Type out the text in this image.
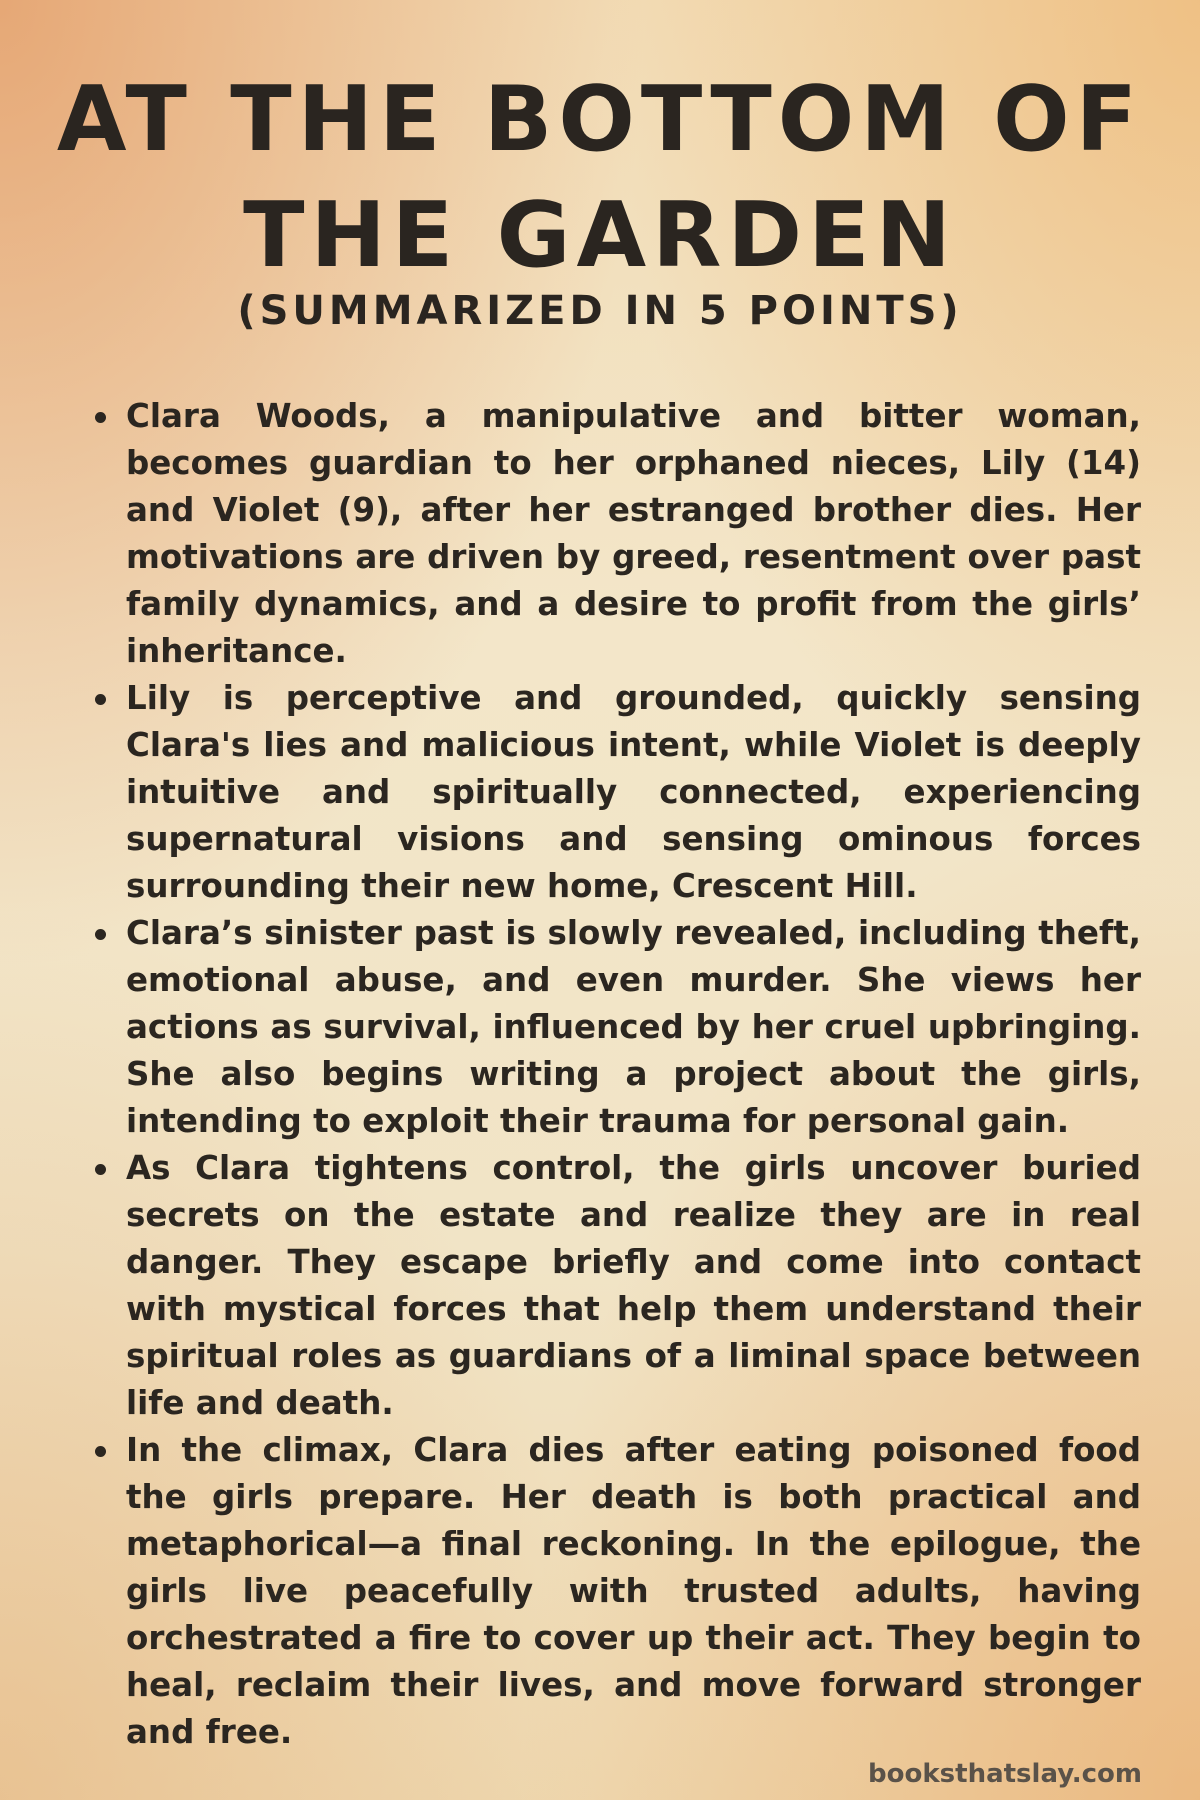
AT THE BOTTOM OF
THE GARDEN
(SUMMARIZED IN 5 POINTS)
Clara Woods, a manipulative and bitter woman, becomes guardian to her orphaned nieces, Lily (14) and Violet (9), after her estranged brother dies. Her motivations are driven by greed, resentment over past family dynamics, and a desire to profit from the girls’ inheritance.
Lily is perceptive and grounded, quickly sensing Clara's lies and malicious intent, while Violet is deeply intuitive and spiritually connected, experiencing supernatural visions and sensing ominous forces surrounding their new home, Crescent Hill.
Clara’s sinister past is slowly revealed, including theft, emotional abuse, and even murder. She views her actions as survival, influenced by her cruel upbringing. She also begins writing a project about the girls, intending to exploit their trauma for personal gain.
As Clara tightens control, the girls uncover buried secrets on the estate and realize they are in real danger. They escape briefly and come into contact with mystical forces that help them understand their spiritual roles as guardians of a liminal space between life and death.
In the climax, Clara dies after eating poisoned food the girls prepare. Her death is both practical and metaphorical—a final reckoning. In the epilogue, the girls live peacefully with trusted adults, having orchestrated a fire to cover up their act. They begin to heal, reclaim their lives, and move forward stronger and free.
booksthatslay.com
